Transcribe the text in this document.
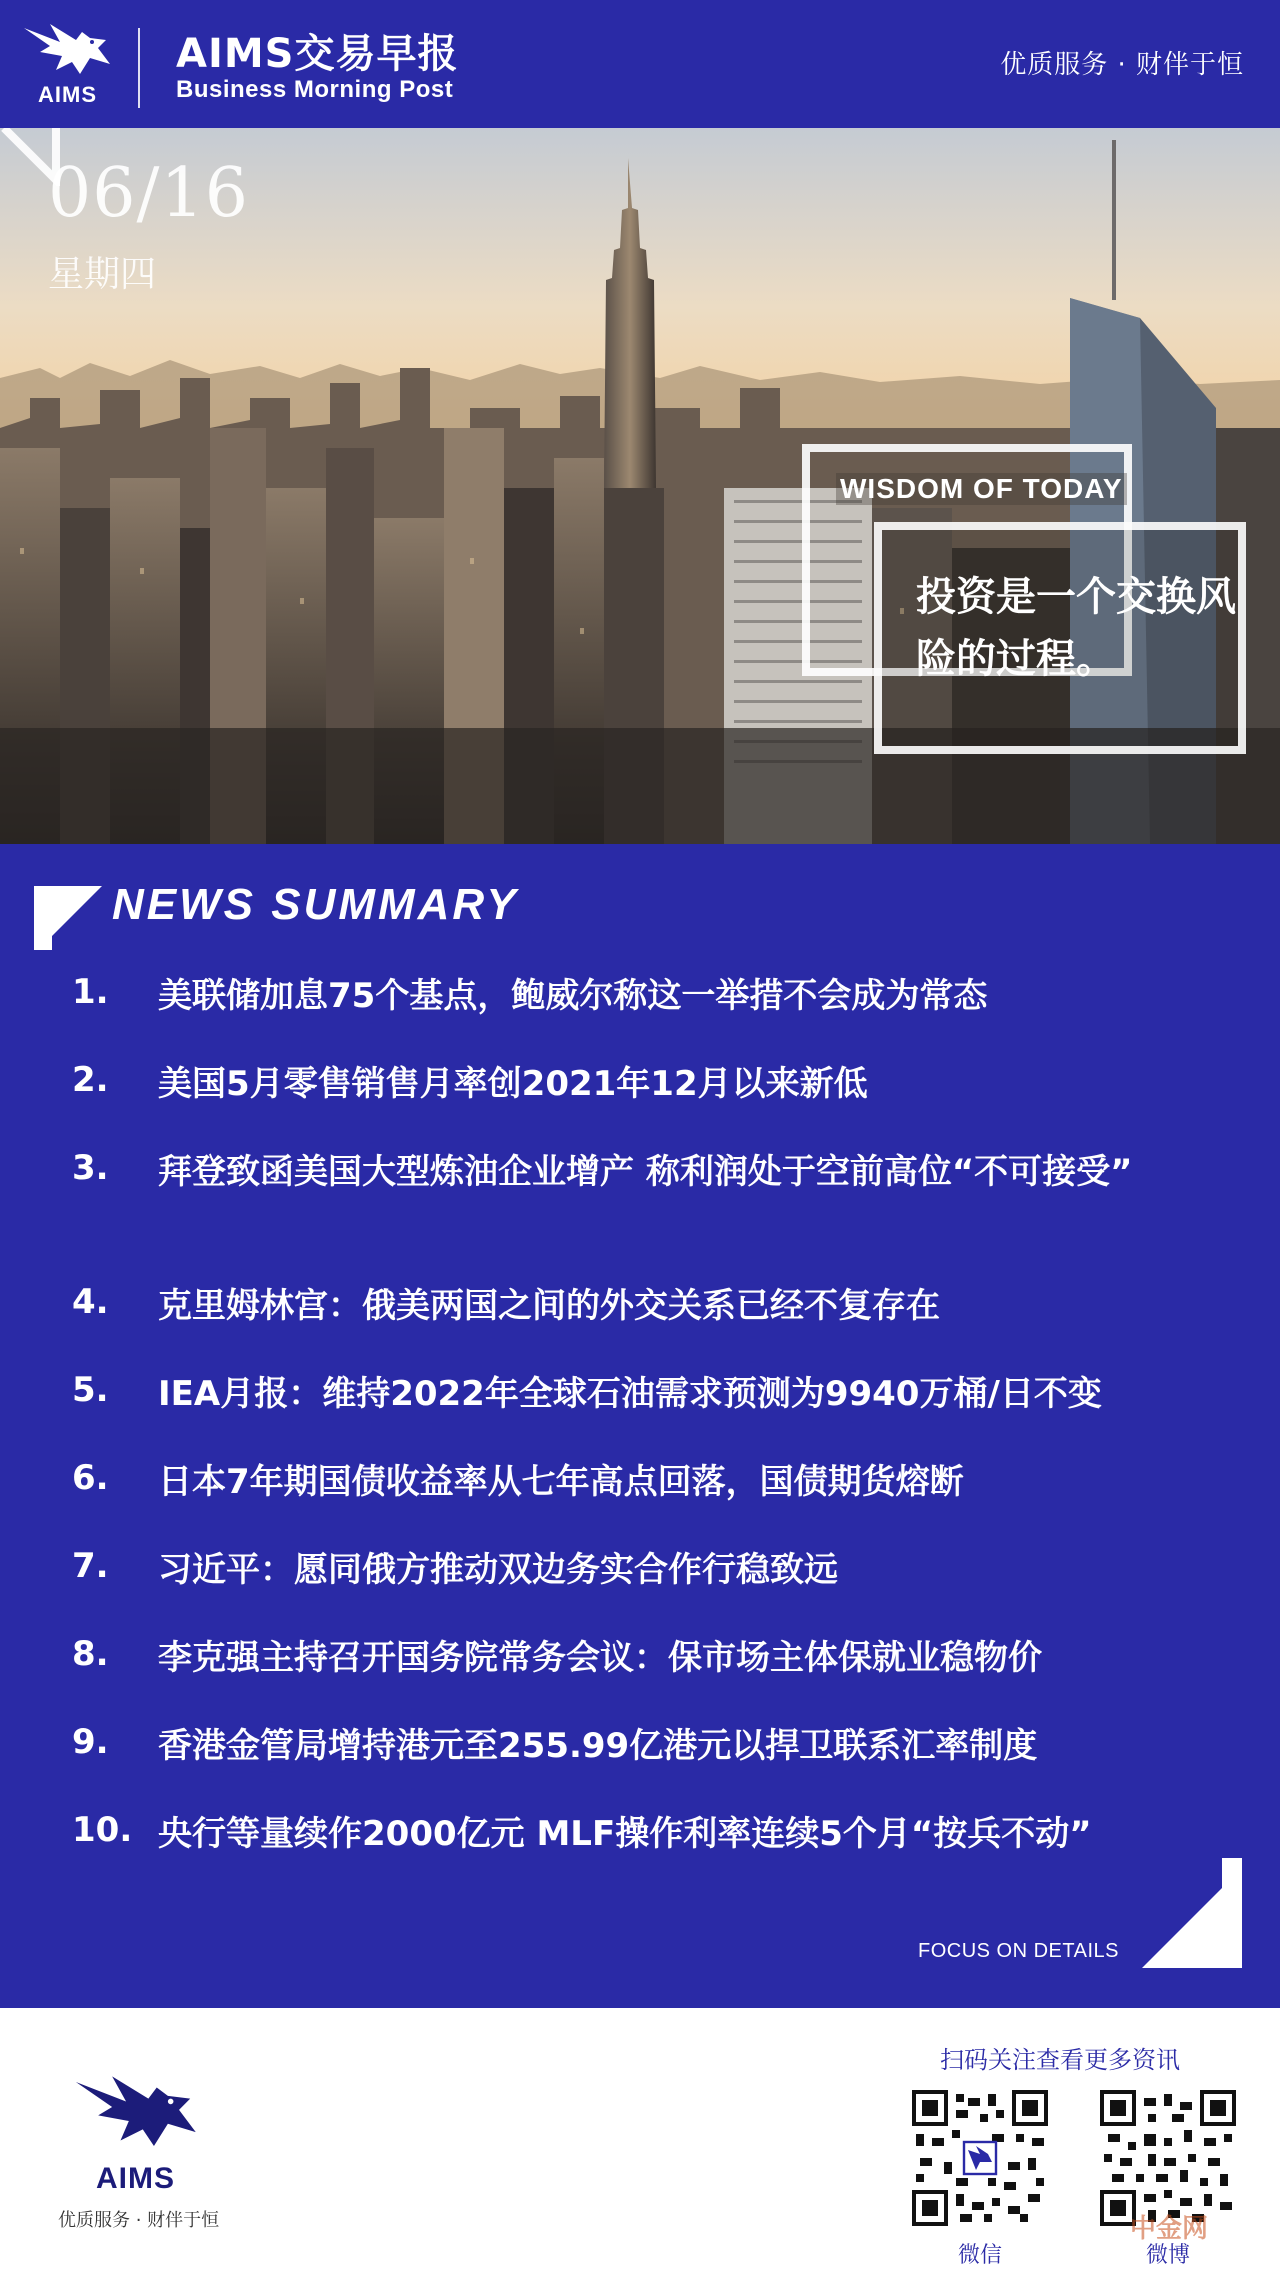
AIMS
AIMS交易早报
Business Morning Post
优质服务 · 财伴于恒
06/16
星期四
WISDOM OF TODAY
投资是一个交换风险的过程。
NEWS SUMMARY
1. 美联储加息75个基点，鲍威尔称这一举措不会成为常态
2. 美国5月零售销售月率创2021年12月以来新低
3. 拜登致函美国大型炼油企业增产 称利润处于空前高位“不可接受”
4. 克里姆林宫：俄美两国之间的外交关系已经不复存在
5. IEA月报：维持2022年全球石油需求预测为9940万桶/日不变
6. 日本7年期国债收益率从七年高点回落，国债期货熔断
7. 习近平：愿同俄方推动双边务实合作行稳致远
8. 李克强主持召开国务院常务会议：保市场主体保就业稳物价
9. 香港金管局增持港元至255.99亿港元以捍卫联系汇率制度
10. 央行等量续作2000亿元 MLF操作利率连续5个月“按兵不动”
FOCUS ON DETAILS
AIMS
优质服务 · 财伴于恒
扫码关注查看更多资讯
微信	微博
中金网
